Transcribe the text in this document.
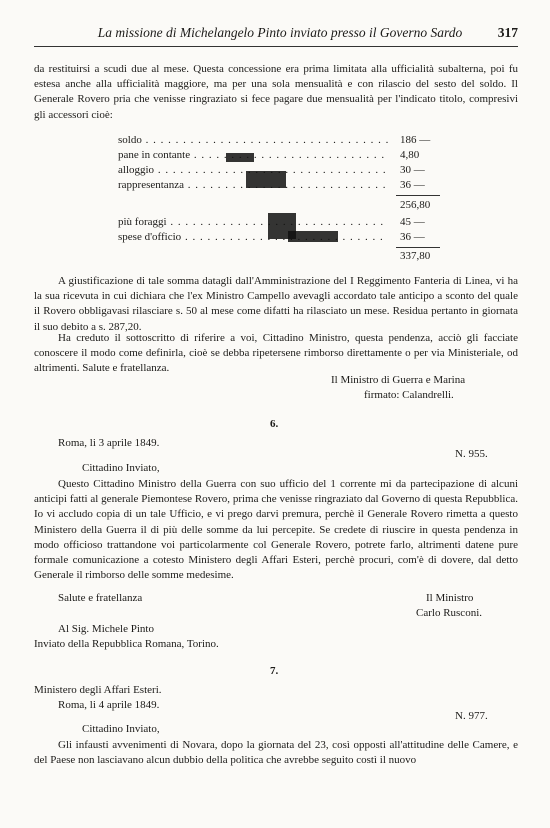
La missione di Michelangelo Pinto inviato presso il Governo Sardo	317

da restituirsi a scudi due al mese. Questa concessione era prima limitata alla ufficialità subalterna, poi fu estesa anche alla ufficialità maggiore, ma per una sola mensualità e con rilascio del sesto del soldo. Il Generale Rovero pria che venisse ringraziato si fece pagare due mensualità per l'indicato titolo, compresivi gli accessori cioè:

soldo . . .	186 —
pane in contante . . .	4,80
alloggio . . .	30 —
rappresentanza . . .	36 —
256,80
più foraggi . . .	45 —
spese d'officio . . .	36 —
337,80

A giustificazione di tale somma datagli dall'Amministrazione del I Reggimento Fanteria di Linea, vi ha la sua ricevuta in cui dichiara che l'ex Ministro Campello avevagli accordato tale anticipo a sconto del quale il Rovero obbligavasi rilasciare s. 50 al mese come difatti ha rilasciato un mese. Residua pertanto in giornata il suo debito a s. 287,20.

Ha creduto il sottoscritto di riferire a voi, Cittadino Ministro, questa pendenza, acciò gli facciate conoscere il modo come definirla, cioè se debba ripetersene rimborso direttamente o per via Ministeriale, od altrimenti. Salute e fratellanza.

Il Ministro di Guerra e Marina
firmato: Calandrelli.
6.
Roma, li 3 aprile 1849.
N. 955.
Cittadino Inviato,

Questo Cittadino Ministro della Guerra con suo ufficio del 1 corrente mi da partecipazione di alcuni anticipi fatti al generale Piemontese Rovero, prima che venisse ringraziato dal Governo di questa Repubblica. Io vi accludo copia di un tale Ufficio, e vi prego darvi premura, perchè il Generale Rovero rimetta a questo Ministero della Guerra il di più delle somme da lui percepite. Se credete di riuscire in questa pendenza in modo officioso trattandone voi particolarmente col Generale Rovero, potrete farlo, altrimenti datene pure formale comunicazione a cotesto Ministero degli Affari Esteri, perchè procuri, com'è di dovere, dal detto Generale il rimborso delle somme medesime.

Salute e fratellanza	Il Ministro
Carlo Rusconi.
Al Sig. Michele Pinto
Inviato della Repubblica Romana, Torino.
7.
Ministero degli Affari Esteri.
Roma, li 4 aprile 1849.
N. 977.
Cittadino Inviato,

Gli infausti avvenimenti di Novara, dopo la giornata del 23, così opposti all'attitudine delle Camere, e del Paese non lasciavano alcun dubbio della politica che avrebbe seguito costì il nuovo
